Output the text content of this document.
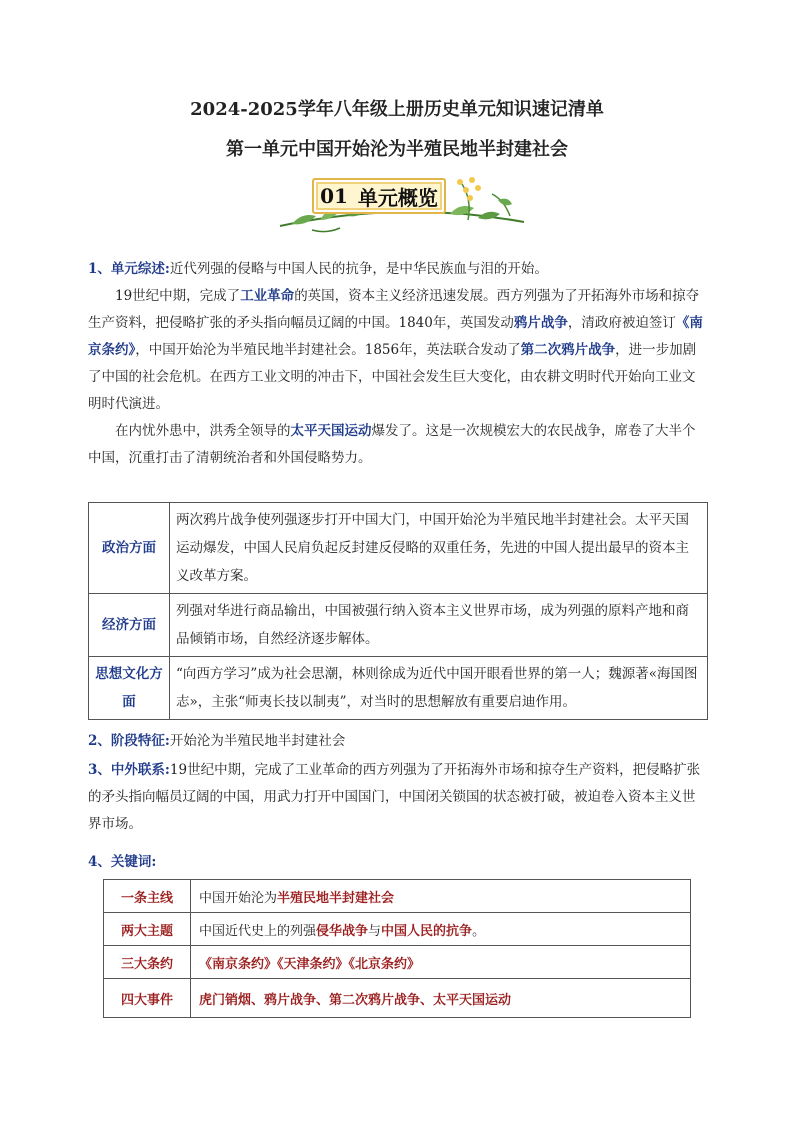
2024-2025学年八年级上册历史单元知识速记清单
第一单元中国开始沦为半殖民地半封建社会
01 单元概览

1、单元综述:近代列强的侵略与中国人民的抗争，是中华民族血与泪的开始。

19世纪中期，完成了工业革命的英国，资本主义经济迅速发展。西方列强为了开拓海外市场和掠夺生产资料，把侵略扩张的矛头指向幅员辽阔的中国。1840年，英国发动鸦片战争，清政府被迫签订《南京条约》，中国开始沦为半殖民地半封建社会。1856年，英法联合发动了第二次鸦片战争，进一步加剧了中国的社会危机。在西方工业文明的冲击下，中国社会发生巨大变化，由农耕文明时代开始向工业文明时代演进。

在内忧外患中，洪秀全领导的太平天国运动爆发了。这是一次规模宏大的农民战争，席卷了大半个中国，沉重打击了清朝统治者和外国侵略势力。

政治方面	两次鸦片战争使列强逐步打开中国大门，中国开始沦为半殖民地半封建社会。太平天国运动爆发，中国人民肩负起反封建反侵略的双重任务，先进的中国人提出最早的资本主义改革方案。
经济方面	列强对华进行商品输出，中国被强行纳入资本主义世界市场，成为列强的原料产地和商品倾销市场，自然经济逐步解体。
思想文化方面	“向西方学习”成为社会思潮，林则徐成为近代中国开眼看世界的第一人；魏源著«海国图志»，主张“师夷长技以制夷”，对当时的思想解放有重要启迪作用。

2、阶段特征:开始沦为半殖民地半封建社会

3、中外联系:19世纪中期，完成了工业革命的西方列强为了开拓海外市场和掠夺生产资料，把侵略扩张的矛头指向幅员辽阔的中国，用武力打开中国国门，中国闭关锁国的状态被打破，被迫卷入资本主义世界市场。

4、关键词:

一条主线	中国开始沦为半殖民地半封建社会
两大主题	中国近代史上的列强侵华战争与中国人民的抗争。
三大条约	《南京条约》《天津条约》《北京条约》
四大事件	虎门销烟、鸦片战争、第二次鸦片战争、太平天国运动
